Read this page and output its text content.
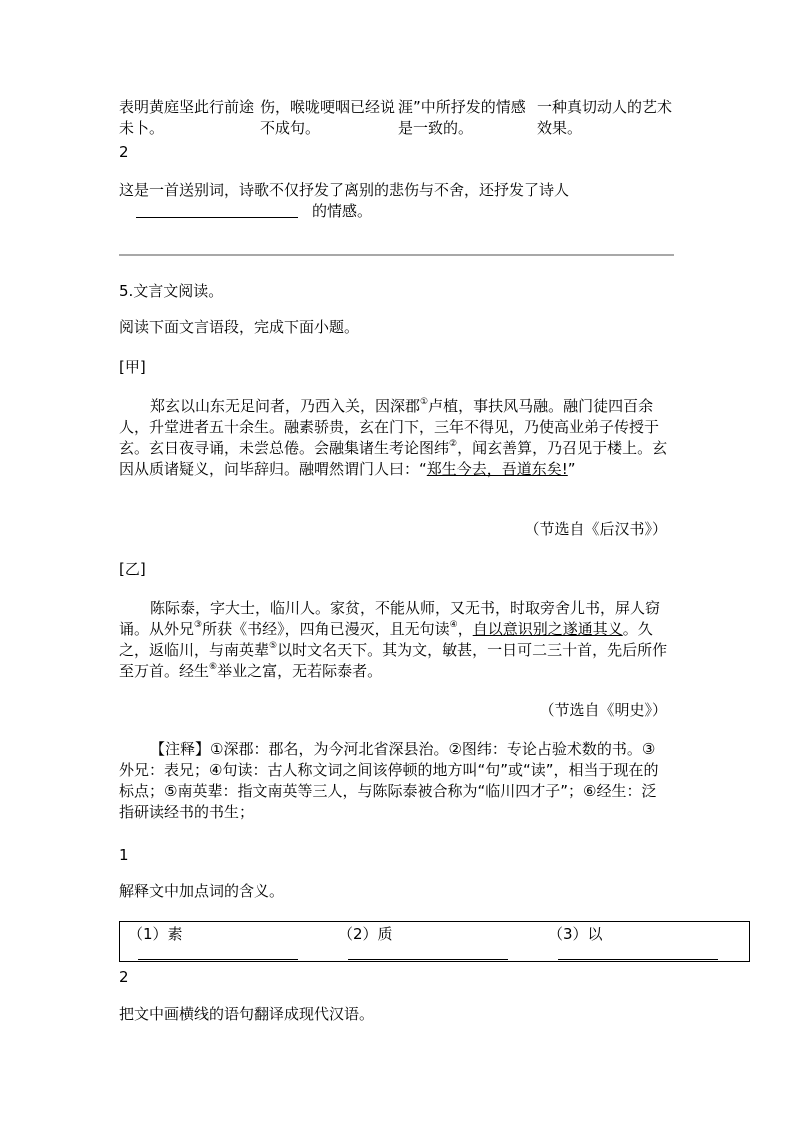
表明黄庭坚此行前途未卜。
伤，喉咙哽咽已经说不成句。
涯”中所抒发的情感是一致的。
一种真切动人的艺术效果。
2
这是一首送别词，诗歌不仅抒发了离别的悲伤与不舍，还抒发了诗人
的情感。
5.文言文阅读。
阅读下面文言语段，完成下面小题。
[甲]

郑玄以山东无足问者，乃西入关，因深郡①卢植，事扶风马融。融门徒四百余人，升堂进者五十余生。融素骄贵，玄在门下，三年不得见，乃使高业弟子传授于玄。玄日夜寻诵，未尝总倦。会融集诸生考论图纬②，闻玄善算，乃召见于楼上。玄因从质诸疑义，问毕辞归。融喟然谓门人曰：“郑生今去，吾道东矣!”

（节选自《后汉书》）
[乙]

陈际泰，字大士，临川人。家贫，不能从师，又无书，时取旁舍儿书，屏人窃诵。从外兄③所获《书经》，四角已漫灭，且无句读④，自以意识别之遂通其义。久之，返临川，与南英辈⑤以时文名天下。其为文，敏甚，一日可二三十首，先后所作至万首。经生⑥举业之富，无若际泰者。

（节选自《明史》）

【注释】①深郡：郡名，为今河北省深县治。②图纬：专论占验术数的书。③外兄：表兄；④句读：古人称文词之间该停顿的地方叫“句”或“读”，相当于现在的标点；⑤南英辈：指文南英等三人，与陈际泰被合称为“临川四才子”；⑥经生：泛指研读经书的书生；

1
解释文中加点词的含义。
（1）素	（2）质	（3）以
2
把文中画横线的语句翻译成现代汉语。
